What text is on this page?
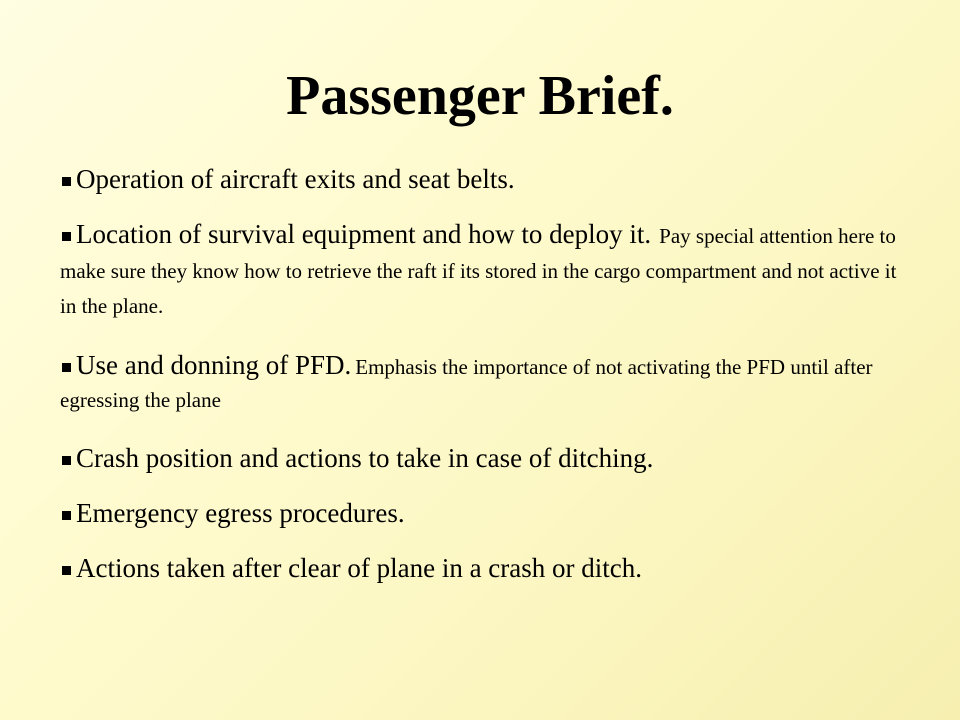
Passenger Brief.
Operation of aircraft exits and seat belts.
Location of survival equipment and how to deploy it. Pay special attention here to make sure they know how to retrieve the raft if its stored in the cargo compartment and not active it in the plane.
Use and donning of PFD. Emphasis the importance of not activating the PFD until after egressing the plane
Crash position and actions to take in case of ditching.
Emergency egress procedures.
Actions taken after clear of plane in a crash or ditch.
